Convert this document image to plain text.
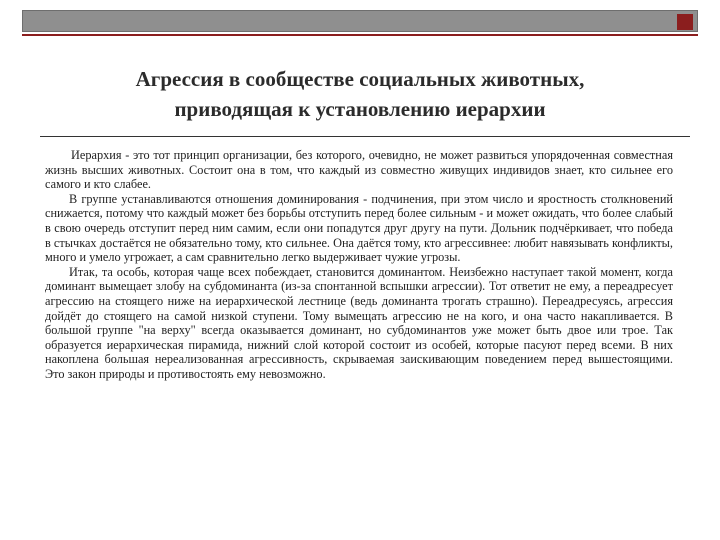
Агрессия в сообществе социальных животных,
приводящая к установлению иерархии

Иерархия - это тот принцип организации, без которого, очевидно, не может развиться упорядоченная совместная жизнь высших животных. Состоит она в том, что каждый из совместно живущих индивидов знает, кто сильнее его самого и кто слабее.

В группе устанавливаются отношения доминирования - подчинения, при этом число и яростность столкновений снижается, потому что каждый может без борьбы отступить перед более сильным - и может ожидать, что более слабый в свою очередь отступит перед ним самим, если они попадутся друг другу на пути. Дольник подчёркивает, что победа в стычках достаётся не обязательно тому, кто сильнее. Она даётся тому, кто агрессивнее: любит навязывать конфликты, много и умело угрожает, а сам сравнительно легко выдерживает чужие угрозы.

Итак, та особь, которая чаще всех побеждает, становится доминантом. Неизбежно наступает такой момент, когда доминант вымещает злобу на субдоминанта (из-за спонтанной вспышки агрессии). Тот ответит не ему, а переадресует агрессию на стоящего ниже на иерархической лестнице (ведь доминанта трогать страшно). Переадресуясь, агрессия дойдёт до стоящего на самой низкой ступени. Тому вымещать агрессию не на кого, и она часто накапливается. В большой группе "на верху" всегда оказывается доминант, но субдоминантов уже может быть двое или трое. Так образуется иерархическая пирамида, нижний слой которой состоит из особей, которые пасуют перед всеми. В них накоплена большая нереализованная агрессивность, скрываемая заискивающим поведением перед вышестоящими. Это закон природы и противостоять ему невозможно.
